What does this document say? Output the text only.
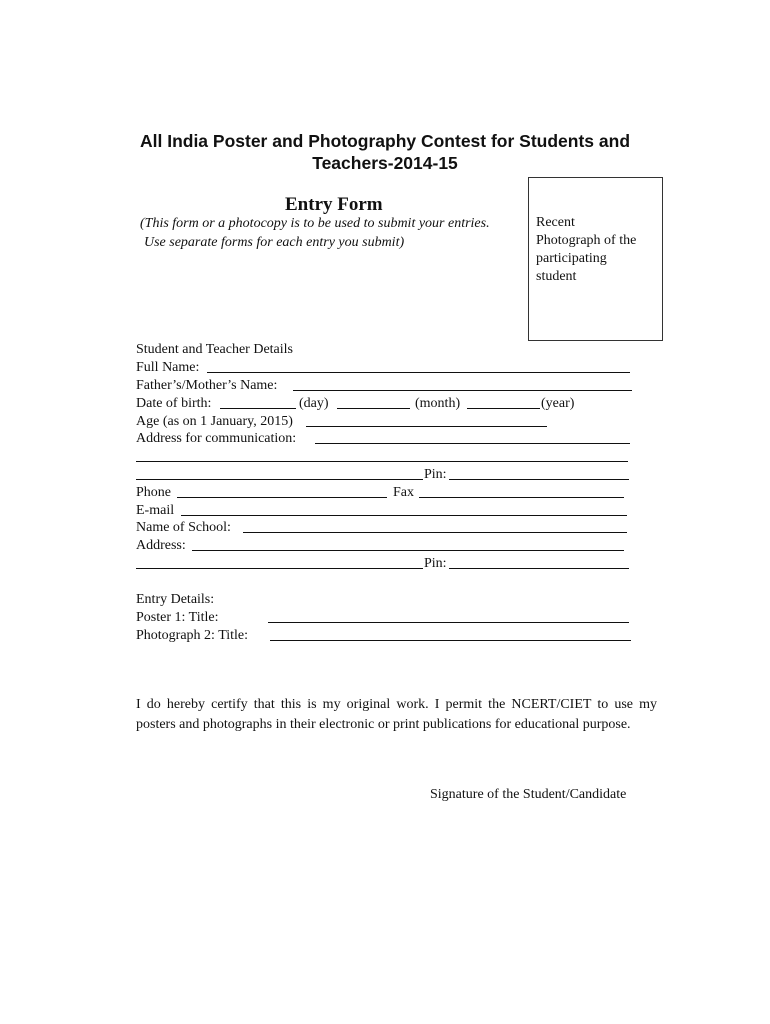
All India Poster and Photography Contest for Students and
Teachers-2014-15
Entry Form
(This form or a photocopy is to be used to submit your entries.
Use separate forms for each entry you submit)
Recent
Photograph of the
participating
student
Student and Teacher Details
Full Name:
Father’s/Mother’s Name:
Date of birth:	(day)	(month)	(year)
Age (as on 1 January, 2015)
Address for communication:
Pin:
Phone	Fax
E-mail
Name of School:
Address:
Pin:
Entry Details:
Poster 1: Title:
Photograph 2: Title:
I do hereby certify that this is my original work. I permit the NCERT/CIET to use my posters and photographs in their electronic or print publications for educational purpose.
Signature of the Student/Candidate
